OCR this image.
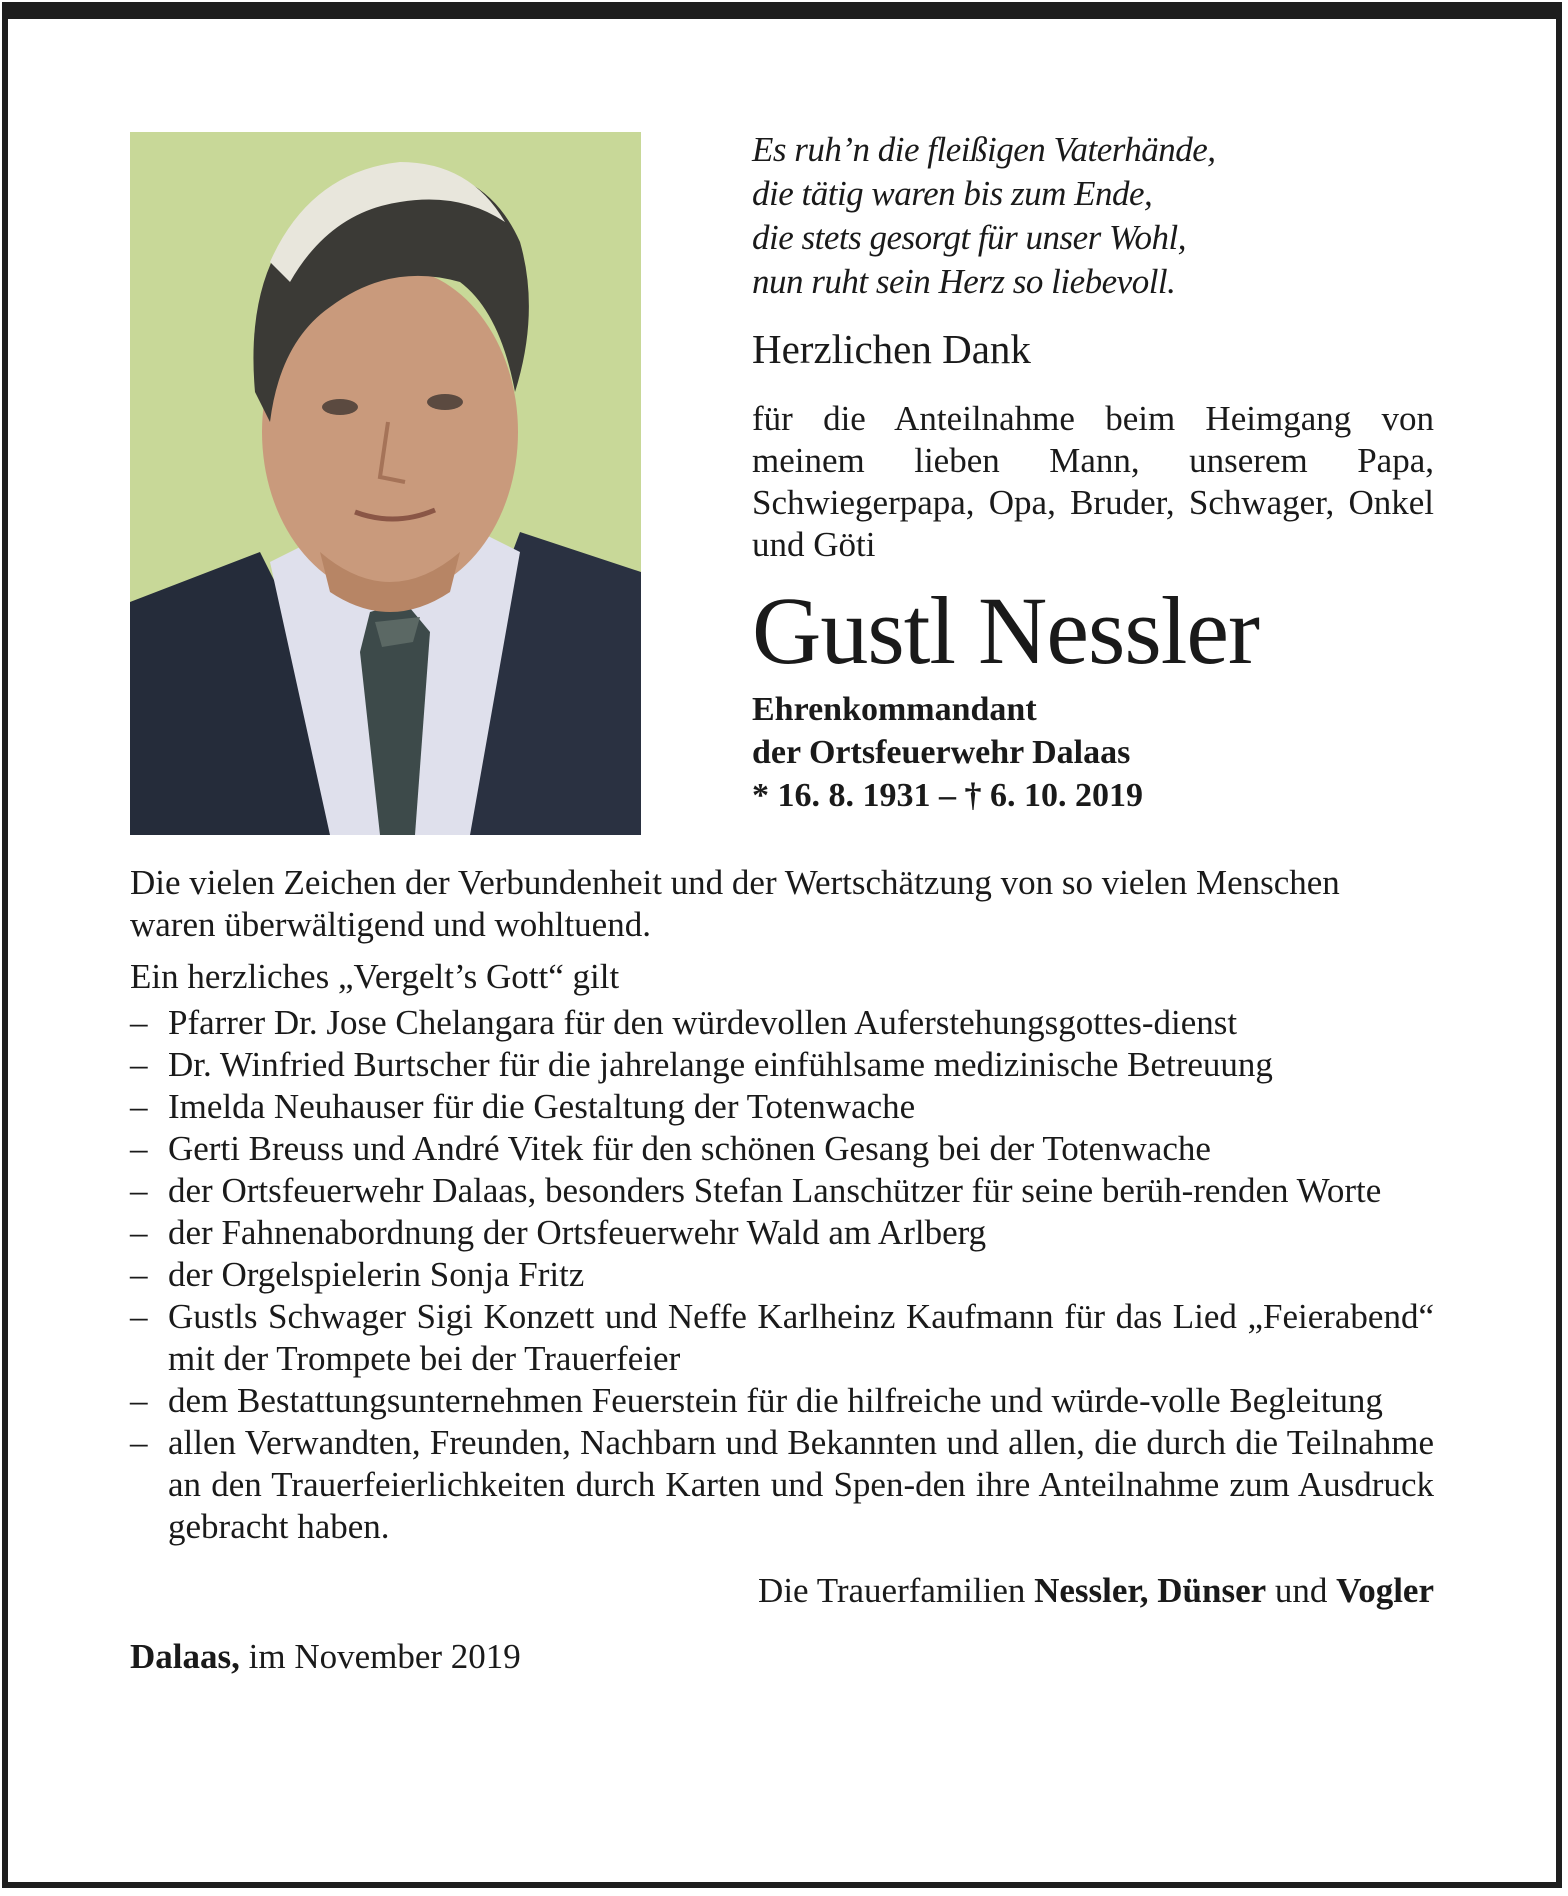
Es ruh’n die fleißigen Vaterhände,
die tätig waren bis zum Ende,
die stets gesorgt für unser Wohl,
nun ruht sein Herz so liebevoll.
Herzlichen Dank

für die Anteilnahme beim Heimgang von meinem lieben Mann, unserem Papa, Schwiegerpapa, Opa, Bruder, Schwager, Onkel und Göti

Gustl Nessler
Ehrenkommandant
der Ortsfeuerwehr Dalaas
* 16. 8. 1931 – † 6. 10. 2019

Die vielen Zeichen der Verbundenheit und der Wertschätzung von so vielen Menschen waren überwältigend und wohltuend.

Ein herzliches „Vergelt’s Gott“ gilt

– Pfarrer Dr. Jose Chelangara für den würdevollen Auferstehungsgottes-dienst
– Dr. Winfried Burtscher für die jahrelange einfühlsame medizinische Betreuung
– Imelda Neuhauser für die Gestaltung der Totenwache
– Gerti Breuss und André Vitek für den schönen Gesang bei der Totenwache
– der Ortsfeuerwehr Dalaas, besonders Stefan Lanschützer für seine berüh-renden Worte
– der Fahnenabordnung der Ortsfeuerwehr Wald am Arlberg
– der Orgelspielerin Sonja Fritz
– Gustls Schwager Sigi Konzett und Neffe Karlheinz Kaufmann für das Lied „Feierabend“ mit der Trompete bei der Trauerfeier
– dem Bestattungsunternehmen Feuerstein für die hilfreiche und würde-volle Begleitung
– allen Verwandten, Freunden, Nachbarn und Bekannten und allen, die durch die Teilnahme an den Trauerfeierlichkeiten durch Karten und Spen-den ihre Anteilnahme zum Ausdruck gebracht haben.

Die Trauerfamilien Nessler, Dünser und Vogler

Dalaas, im November 2019
